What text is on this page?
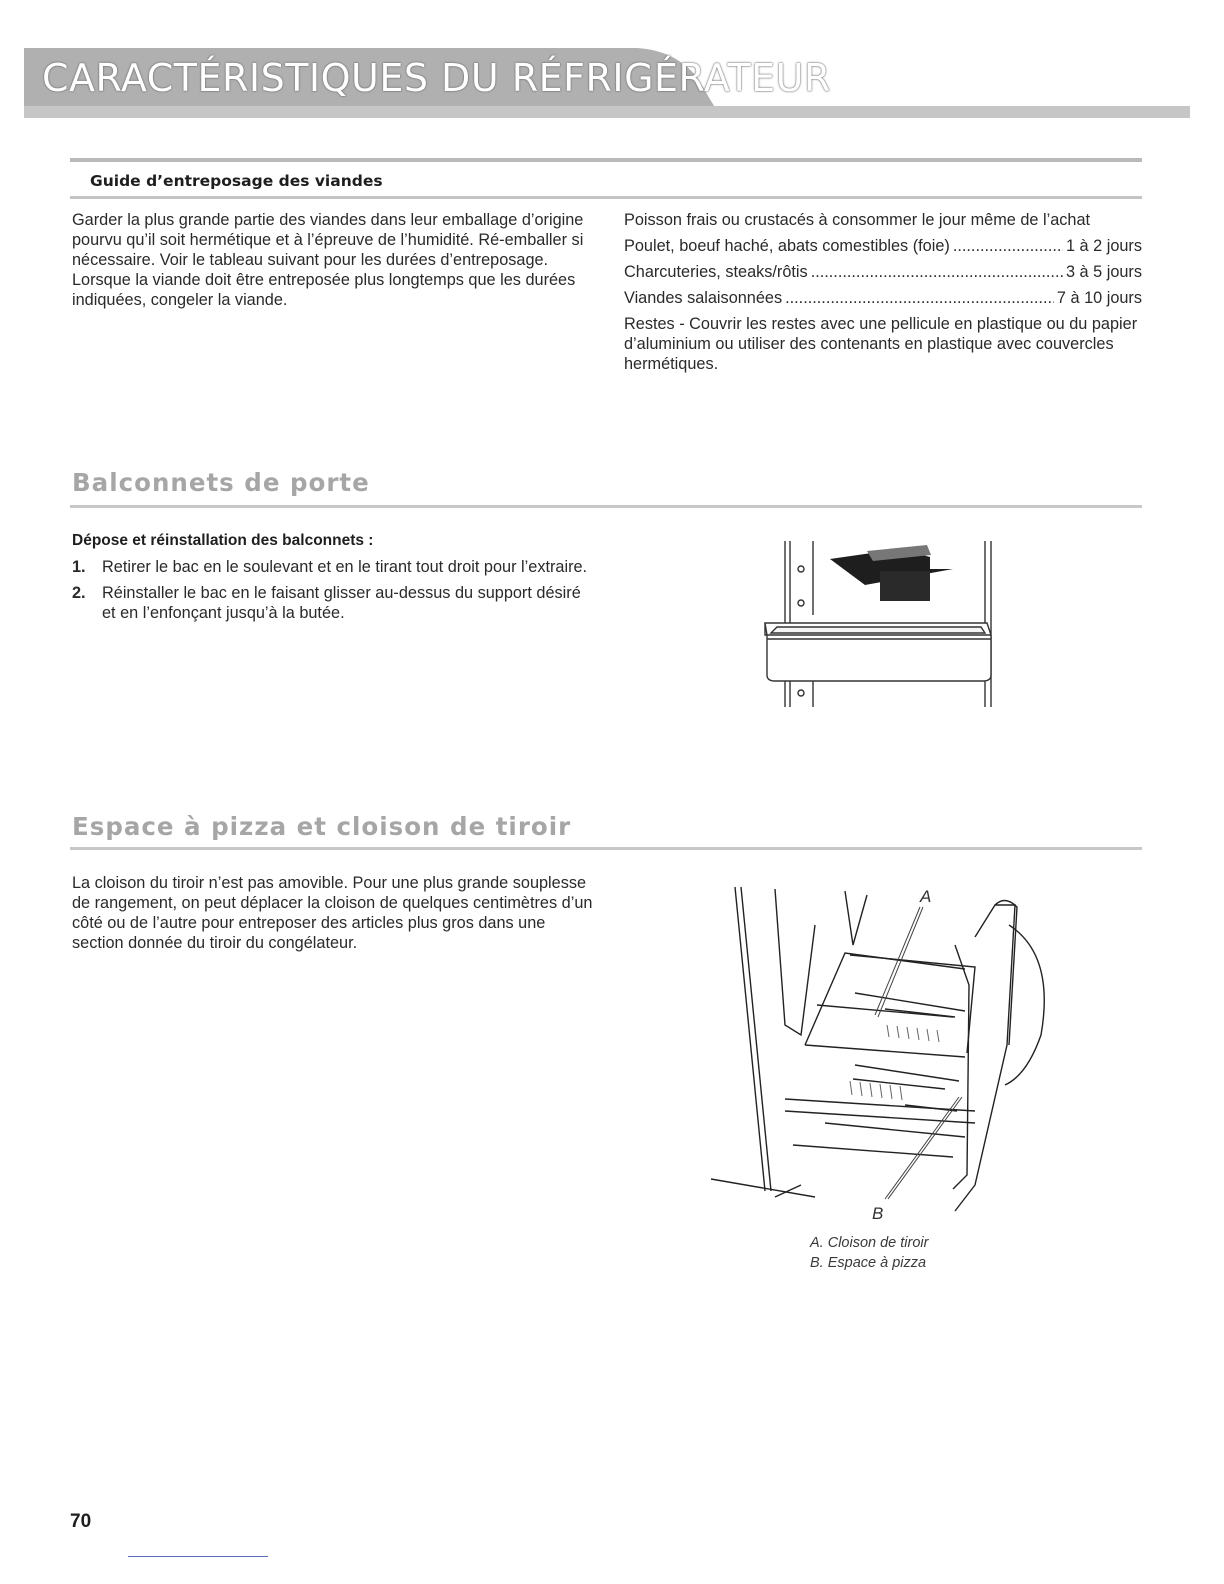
CARACTÉRISTIQUES DU RÉFRIGÉRATEUR
Guide d’entreposage des viandes
Garder la plus grande partie des viandes dans leur emballage d’origine pourvu qu’il soit hermétique et à l’épreuve de l’humidité. Ré-emballer si nécessaire. Voir le tableau suivant pour les durées d’entreposage. Lorsque la viande doit être entreposée plus longtemps que les durées indiquées, congeler la viande.
Poisson frais ou crustacés à consommer le jour même de l’achat
Poulet, boeuf haché, abats comestibles (foie) .....	1 à 2 jours
Charcuteries, steaks/rôtis .....	3 à 5 jours
Viandes salaisonnées .....	7 à 10 jours
Restes - Couvrir les restes avec une pellicule en plastique ou du papier d’aluminium ou utiliser des contenants en plastique avec couvercles hermétiques.
Balconnets de porte
Dépose et réinstallation des balconnets :
1.	Retirer le bac en le soulevant et en le tirant tout droit pour l’extraire.
2.	Réinstaller le bac en le faisant glisser au-dessus du support désiré et en l’enfonçant jusqu’à la butée.
Espace à pizza et cloison de tiroir
La cloison du tiroir n’est pas amovible. Pour une plus grande souplesse de rangement, on peut déplacer la cloison de quelques centimètres d’un côté ou de l’autre pour entreposer des articles plus gros dans une section donnée du tiroir du congélateur.
A
B
A. Cloison de tiroir
B. Espace à pizza
70
